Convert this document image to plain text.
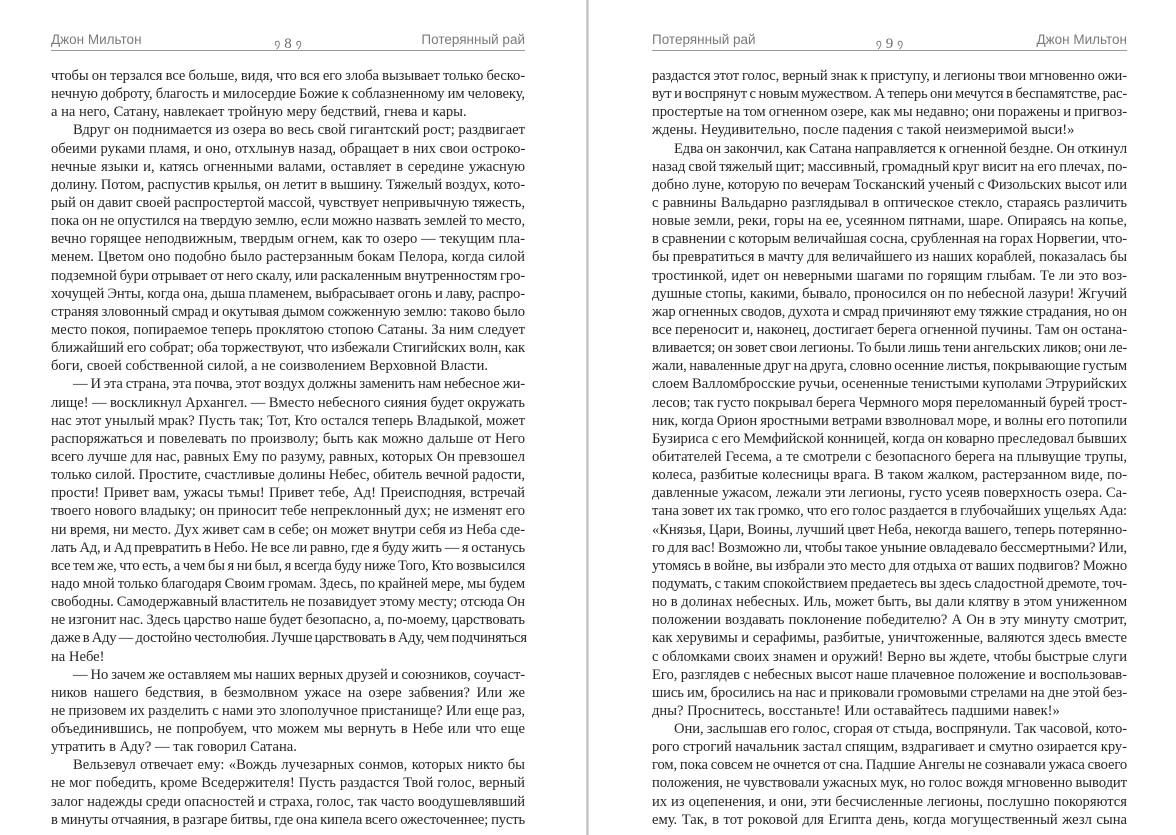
Джон Мильтон	᠀ 8 ᠀	Потерянный рай
чтобы он терзался все больше, видя, что вся его злоба вызывает только беско-
нечную доброту, благость и милосердие Божие к соблазненному им человеку,
а на него, Сатану, навлекает тройную меру бедствий, гнева и кары.
Вдруг он поднимается из озера во весь свой гигантский рост; раздвигает
обеими руками пламя, и оно, отхлынув назад, обращает в них свои остроко-
нечные языки и, катясь огненными валами, оставляет в середине ужасную
долину. Потом, распустив крылья, он летит в вышину. Тяжелый воздух, кото-
рый он давит своей распростертой массой, чувствует непривычную тяжесть,
пока он не опустился на твердую землю, если можно назвать землей то место,
вечно горящее неподвижным, твердым огнем, как то озеро — текущим пла-
менем. Цветом оно подобно было растерзанным бокам Пелора, когда силой
подземной бури отрывает от него скалу, или раскаленным внутренностям гро-
хочущей Энты, когда она, дыша пламенем, выбрасывает огонь и лаву, распро-
страняя зловонный смрад и окутывая дымом сожженную землю: таково было
место покоя, попираемое теперь проклятою стопою Сатаны. За ним следует
ближайший его собрат; оба торжествуют, что избежали Стигийских волн, как
боги, своей собственной силой, а не соизволением Верховной Власти.
— И эта страна, эта почва, этот воздух должны заменить нам небесное жи-
лище! — воскликнул Архангел. — Вместо небесного сияния будет окружать
нас этот унылый мрак? Пусть так; Тот, Кто остался теперь Владыкой, может
распоряжаться и повелевать по произволу; быть как можно дальше от Него
всего лучше для нас, равных Ему по разуму, равных, которых Он превзошел
только силой. Простите, счастливые долины Небес, обитель вечной радости,
прости! Привет вам, ужасы тьмы! Привет тебе, Ад! Преисподняя, встречай
твоего нового владыку; он приносит тебе непреклонный дух; не изменят его
ни время, ни место. Дух живет сам в себе; он может внутри себя из Неба сде-
лать Ад, и Ад превратить в Небо. Не все ли равно, где я буду жить — я останусь
все тем же, что есть, а чем бы я ни был, я всегда буду ниже Того, Кто возвысился
надо мной только благодаря Своим громам. Здесь, по крайней мере, мы будем
свободны. Самодержавный властитель не позавидует этому месту; отсюда Он
не изгонит нас. Здесь царство наше будет безопасно, а, по-моему, царствовать
даже в Аду — достойно честолюбия. Лучше царствовать в Аду, чем подчиняться
на Небе!
— Но зачем же оставляем мы наших верных друзей и союзников, соучаст-
ников нашего бедствия, в безмолвном ужасе на озере забвения? Или же
не призовем их разделить с нами это злополучное пристанище? Или еще раз,
объединившись, не попробуем, что можем мы вернуть в Небе или что еще
утратить в Аду? — так говорил Сатана.
Вельзевул отвечает ему: «Вождь лучезарных сонмов, которых никто бы
не мог победить, кроме Вседержителя! Пусть раздастся Твой голос, верный
залог надежды среди опасностей и страха, голос, так часто воодушевлявший
в минуты отчаяния, в разгаре битвы, где она кипела всего ожесточеннее; пусть
Потерянный рай	᠀ 9 ᠀	Джон Мильтон
раздастся этот голос, верный знак к приступу, и легионы твои мгновенно ожи-
вут и воспрянут с новым мужеством. А теперь они мечутся в беспамятстве, рас-
простертые на том огненном озере, как мы недавно; они поражены и пригвоз-
ждены. Неудивительно, после падения с такой неизмеримой выси!»
Едва он закончил, как Сатана направляется к огненной бездне. Он откинул
назад свой тяжелый щит; массивный, громадный круг висит на его плечах, по-
добно луне, которую по вечерам Тосканский ученый с Физольских высот или
с равнины Вальдарно разглядывал в оптическое стекло, стараясь различить
новые земли, реки, горы на ее, усеянном пятнами, шаре. Опираясь на копье,
в сравнении с которым величайшая сосна, срубленная на горах Норвегии, что-
бы превратиться в мачту для величайшего из наших кораблей, показалась бы
тростинкой, идет он неверными шагами по горящим глыбам. Те ли это воз-
душные стопы, какими, бывало, проносился он по небесной лазури! Жгучий
жар огненных сводов, духота и смрад причиняют ему тяжкие страдания, но он
все переносит и, наконец, достигает берега огненной пучины. Там он остана-
вливается; он зовет свои легионы. То были лишь тени ангельских ликов; они ле-
жали, наваленные друг на друга, словно осенние листья, покрывающие густым
слоем Валломбросские ручьи, осененные тенистыми куполами Этрурийских
лесов; так густо покрывал берега Чермного моря переломанный бурей трост-
ник, когда Орион яростными ветрами взволновал море, и волны его потопили
Бузириса с его Мемфийской конницей, когда он коварно преследовал бывших
обитателей Гесема, а те смотрели с безопасного берега на плывущие трупы,
колеса, разбитые колесницы врага. В таком жалком, растерзанном виде, по-
давленные ужасом, лежали эти легионы, густо усеяв поверхность озера. Са-
тана зовет их так громко, что его голос раздается в глубочайших ущельях Ада:
«Князья, Цари, Воины, лучший цвет Неба, некогда вашего, теперь потерянно-
го для вас! Возможно ли, чтобы такое уныние овладевало бессмертными? Или,
утомясь в войне, вы избрали это место для отдыха от ваших подвигов? Можно
подумать, с таким спокойствием предаетесь вы здесь сладостной дремоте, точ-
но в долинах небесных. Иль, может быть, вы дали клятву в этом униженном
положении воздавать поклонение победителю? А Он в эту минуту смотрит,
как херувимы и серафимы, разбитые, уничтоженные, валяются здесь вместе
с обломками своих знамен и оружий! Верно вы ждете, чтобы быстрые слуги
Его, разглядев с небесных высот наше плачевное положение и воспользовав-
шись им, бросились на нас и приковали громовыми стрелами на дне этой без-
дны? Проснитесь, восстаньте! Или оставайтесь падшими навек!»
Они, заслышав его голос, сгорая от стыда, воспрянули. Так часовой, кото-
рого строгий начальник застал спящим, вздрагивает и смутно озирается кру-
гом, пока совсем не очнется от сна. Падшие Ангелы не сознавали ужаса своего
положения, не чувствовали ужасных мук, но голос вождя мгновенно выводит
их из оцепенения, и они, эти бесчисленные легионы, послушно покоряются
ему. Так, в тот роковой для Египта день, когда могущественный жезл сына
